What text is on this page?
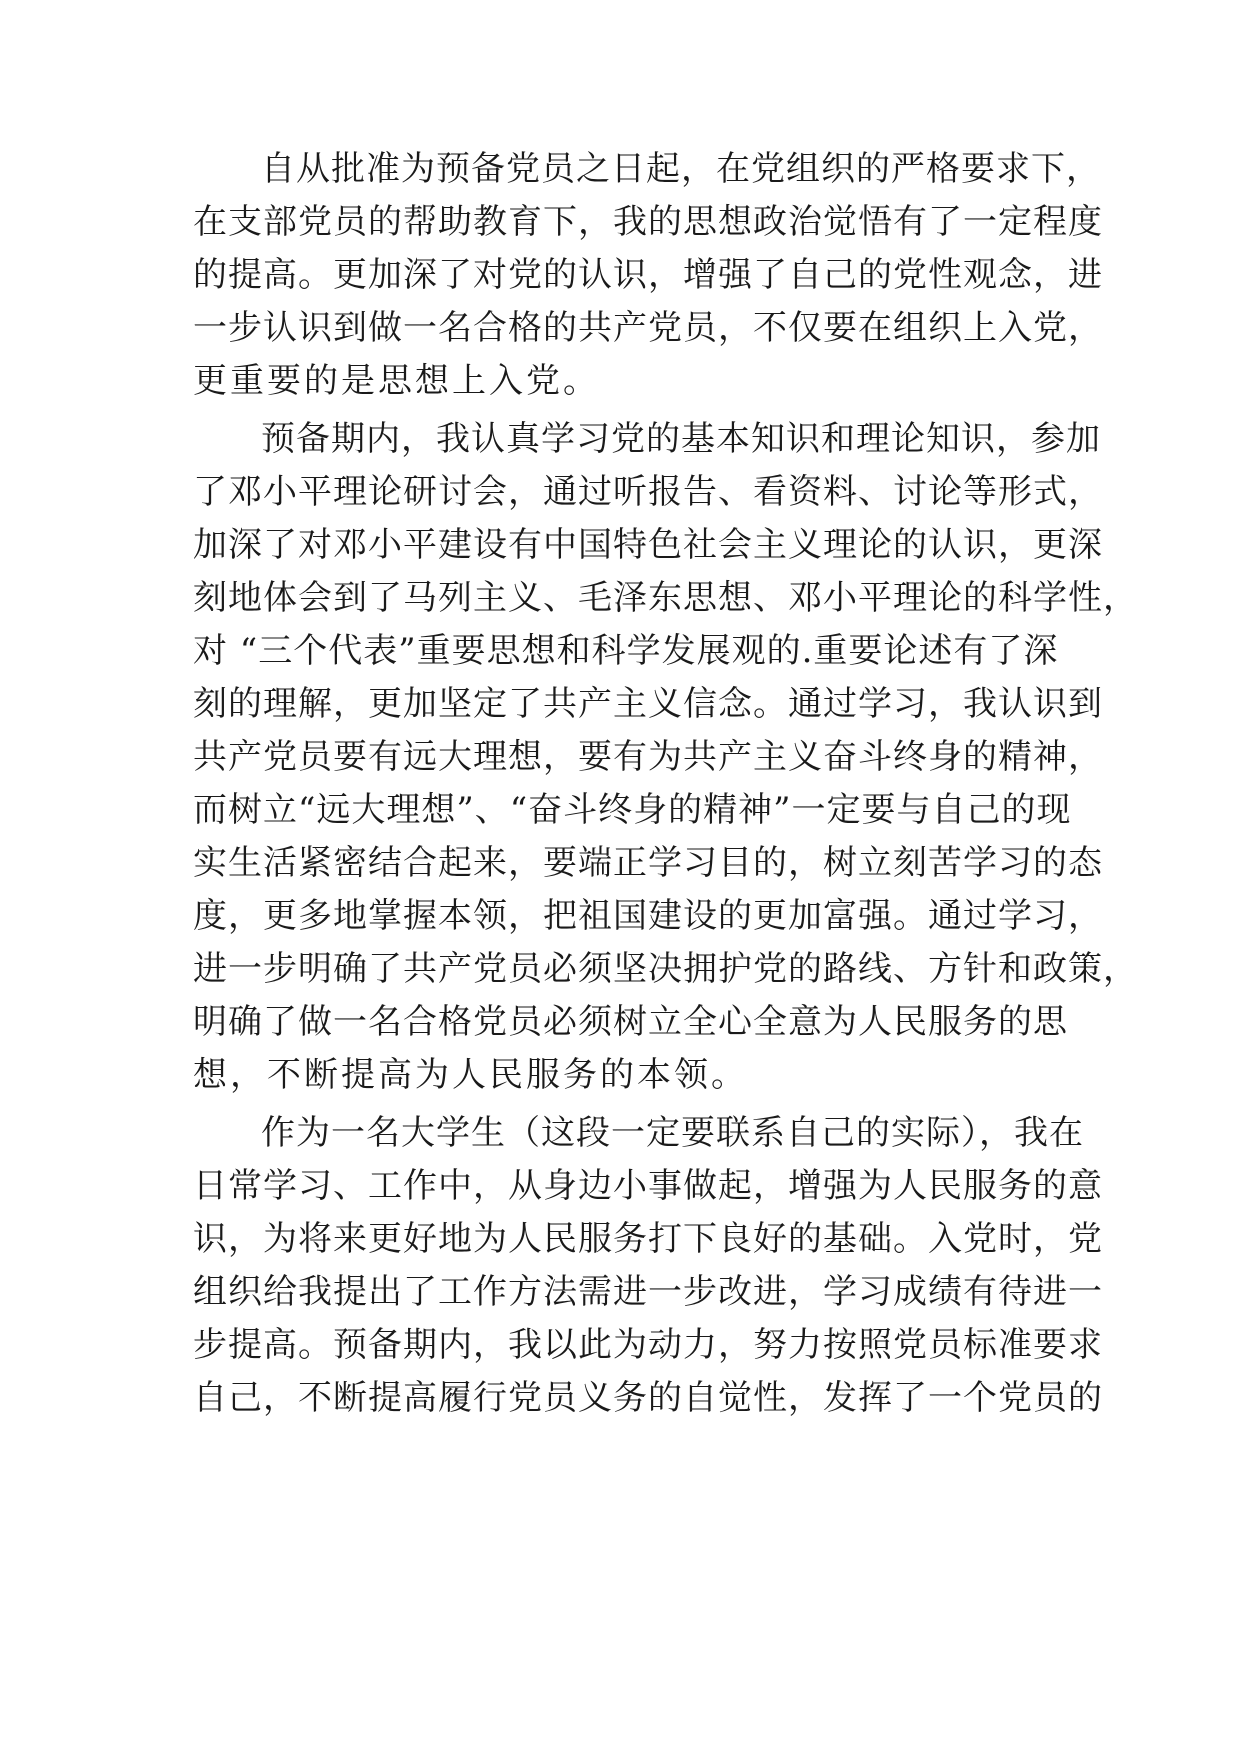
自从批准为预备党员之日起，在党组织的严格要求下，
在支部党员的帮助教育下，我的思想政治觉悟有了一定程度
的提高。更加深了对党的认识，增强了自己的党性观念，进
一步认识到做一名合格的共产党员，不仅要在组织上入党，
更重要的是思想上入党。
预备期内，我认真学习党的基本知识和理论知识，参加
了邓小平理论研讨会，通过听报告、看资料、讨论等形式，
加深了对邓小平建设有中国特色社会主义理论的认识，更深
刻地体会到了马列主义、毛泽东思想、邓小平理论的科学性，
对 “三个代表”重要思想和科学发展观的.重要论述有了深
刻的理解，更加坚定了共产主义信念。通过学习，我认识到
共产党员要有远大理想，要有为共产主义奋斗终身的精神，
而树立“远大理想”、“奋斗终身的精神”一定要与自己的现
实生活紧密结合起来，要端正学习目的，树立刻苦学习的态
度，更多地掌握本领，把祖国建设的更加富强。通过学习，
进一步明确了共产党员必须坚决拥护党的路线、方针和政策，
明确了做一名合格党员必须树立全心全意为人民服务的思
想，不断提高为人民服务的本领。
作为一名大学生（这段一定要联系自己的实际），我在
日常学习、工作中，从身边小事做起，增强为人民服务的意
识，为将来更好地为人民服务打下良好的基础。入党时，党
组织给我提出了工作方法需进一步改进，学习成绩有待进一
步提高。预备期内，我以此为动力，努力按照党员标准要求
自己，不断提高履行党员义务的自觉性，发挥了一个党员的
